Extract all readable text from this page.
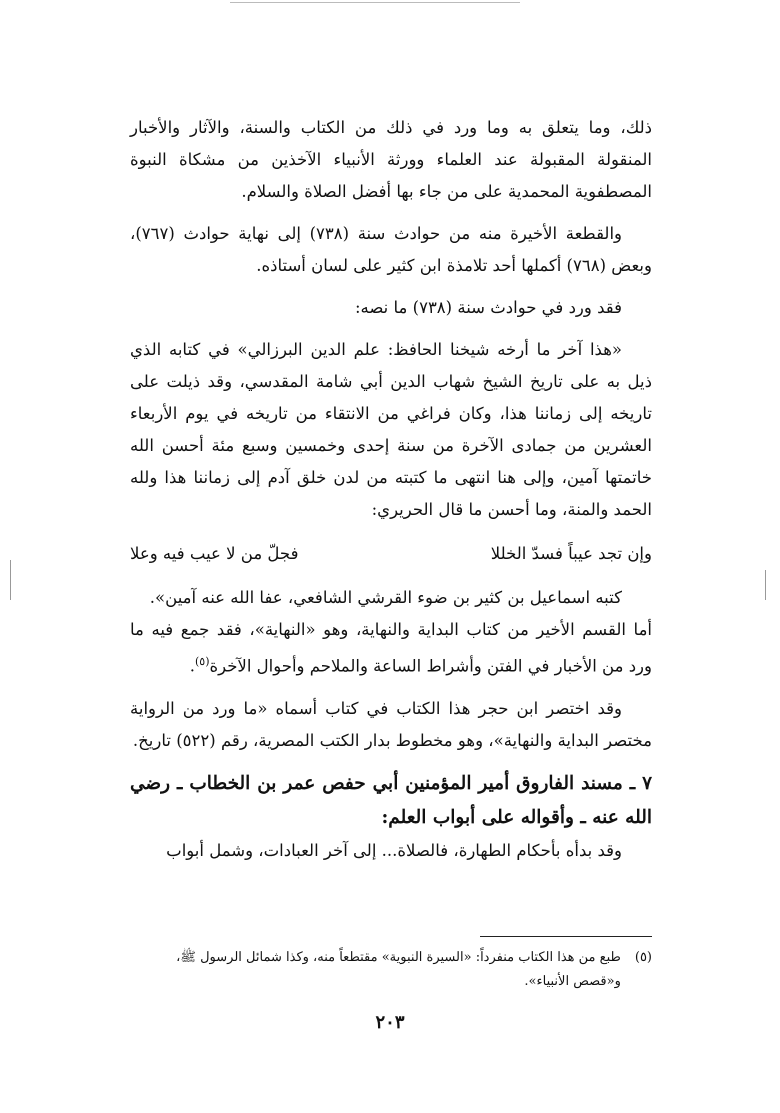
ذلك، وما يتعلق به وما ورد في ذلك من الكتاب والسنة، والآثار والأخبار المنقولة المقبولة عند العلماء وورثة الأنبياء الآخذين من مشكاة النبوة المصطفوية المحمدية على من جاء بها أفضل الصلاة والسلام.

والقطعة الأخيرة منه من حوادث سنة (٧٣٨) إلى نهاية حوادث (٧٦٧)، وبعض (٧٦٨) أكملها أحد تلامذة ابن كثير على لسان أستاذه.

فقد ورد في حوادث سنة (٧٣٨) ما نصه:

«هذا آخر ما أرخه شيخنا الحافظ: علم الدين البرزالي» في كتابه الذي ذيل به على تاريخ الشيخ شهاب الدين أبي شامة المقدسي، وقد ذيلت على تاريخه إلى زماننا هذا، وكان فراغي من الانتقاء من تاريخه في يوم الأربعاء العشرين من جمادى الآخرة من سنة إحدى وخمسين وسبع مئة أحسن الله خاتمتها آمين، وإلى هنا انتهى ما كتبته من لدن خلق آدم إلى زماننا هذا ولله الحمد والمنة، وما أحسن ما قال الحريري:

وإن تجد عيباً فسدّ الخللا
فجلّ من لا عيب فيه وعلا

كتبه اسماعيل بن كثير بن ضوء القرشي الشافعي، عفا الله عنه آمين».

أما القسم الأخير من كتاب البداية والنهاية، وهو «النهاية»، فقد جمع فيه ما ورد من الأخبار في الفتن وأشراط الساعة والملاحم وأحوال الآخرة$^{(٥)}$.

وقد اختصر ابن حجر هذا الكتاب في كتاب أسماه «ما ورد من الرواية مختصر البداية والنهاية»، وهو مخطوط بدار الكتب المصرية، رقم (٥٢٢) تاريخ.

٧ ـ مسند الفاروق أمير المؤمنين أبي حفص عمر بن الخطاب ـ رضي الله عنه ـ وأقواله على أبواب العلم:

وقد بدأه بأحكام الطهارة، فالصلاة... إلى آخر العبادات، وشمل أبواب

(٥)
طبع من هذا الكتاب منفرداً: «السيرة النبوية» مقتطعاً منه، وكذا شمائل الرسول ﷺ، و«قصص الأنبياء».
٢٠٣
